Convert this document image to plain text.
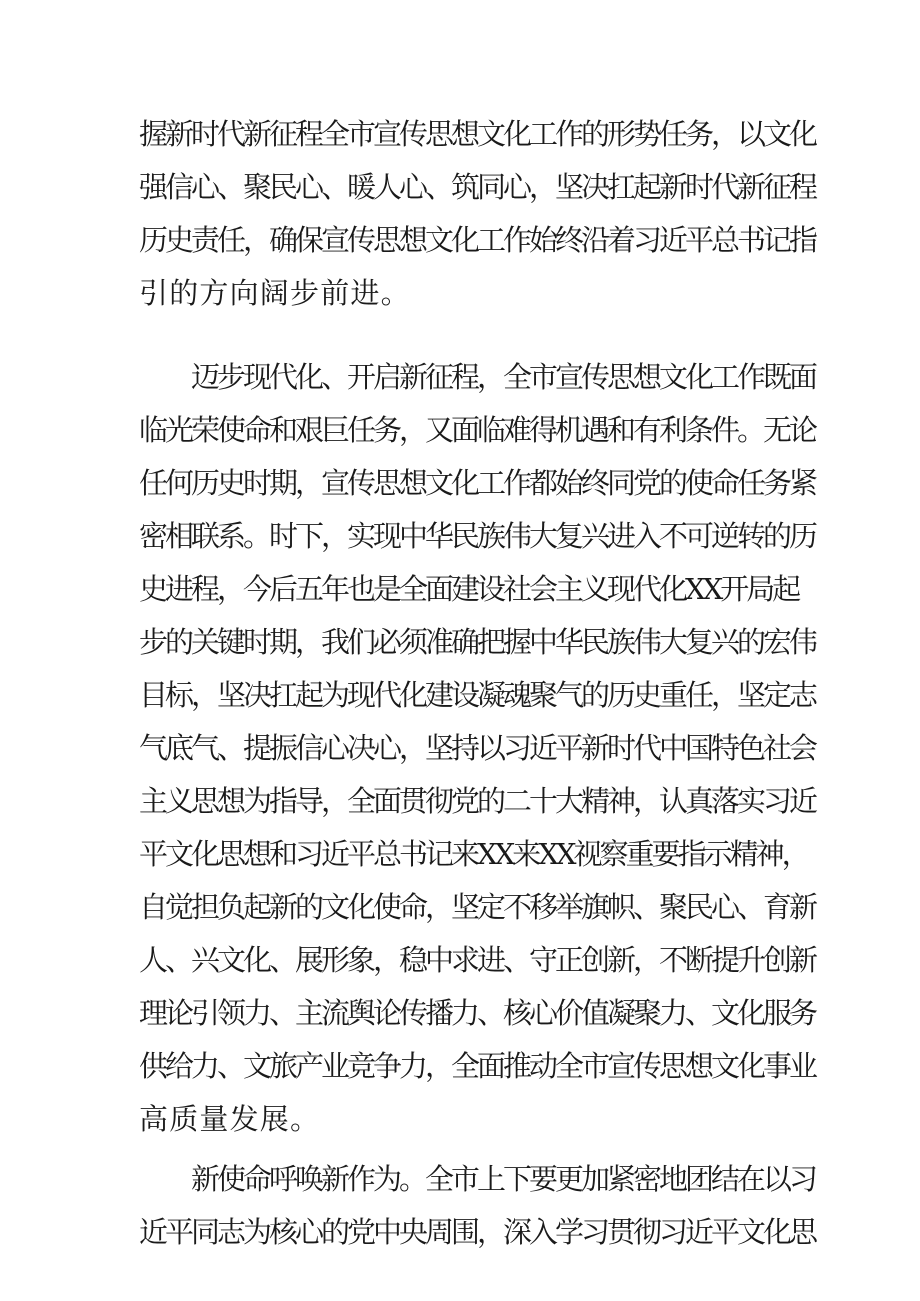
握新时代新征程全市宣传思想文化工作的形势任务，以文化
强信心、聚民心、暖人心、筑同心，坚决扛起新时代新征程
历史责任，确保宣传思想文化工作始终沿着习近平总书记指
引的方向阔步前进。
迈步现代化、开启新征程，全市宣传思想文化工作既面
临光荣使命和艰巨任务，又面临难得机遇和有利条件。无论
任何历史时期，宣传思想文化工作都始终同党的使命任务紧
密相联系。时下，实现中华民族伟大复兴进入不可逆转的历
史进程，今后五年也是全面建设社会主义现代化XX开局起
步的关键时期，我们必须准确把握中华民族伟大复兴的宏伟
目标，坚决扛起为现代化建设凝魂聚气的历史重任，坚定志
气底气、提振信心决心，坚持以习近平新时代中国特色社会
主义思想为指导，全面贯彻党的二十大精神，认真落实习近
平文化思想和习近平总书记来XX来XX视察重要指示精神，
自觉担负起新的文化使命，坚定不移举旗帜、聚民心、育新
人、兴文化、展形象，稳中求进、守正创新，不断提升创新
理论引领力、主流舆论传播力、核心价值凝聚力、文化服务
供给力、文旅产业竞争力，全面推动全市宣传思想文化事业
高质量发展。
新使命呼唤新作为。全市上下要更加紧密地团结在以习
近平同志为核心的党中央周围，深入学习贯彻习近平文化思
